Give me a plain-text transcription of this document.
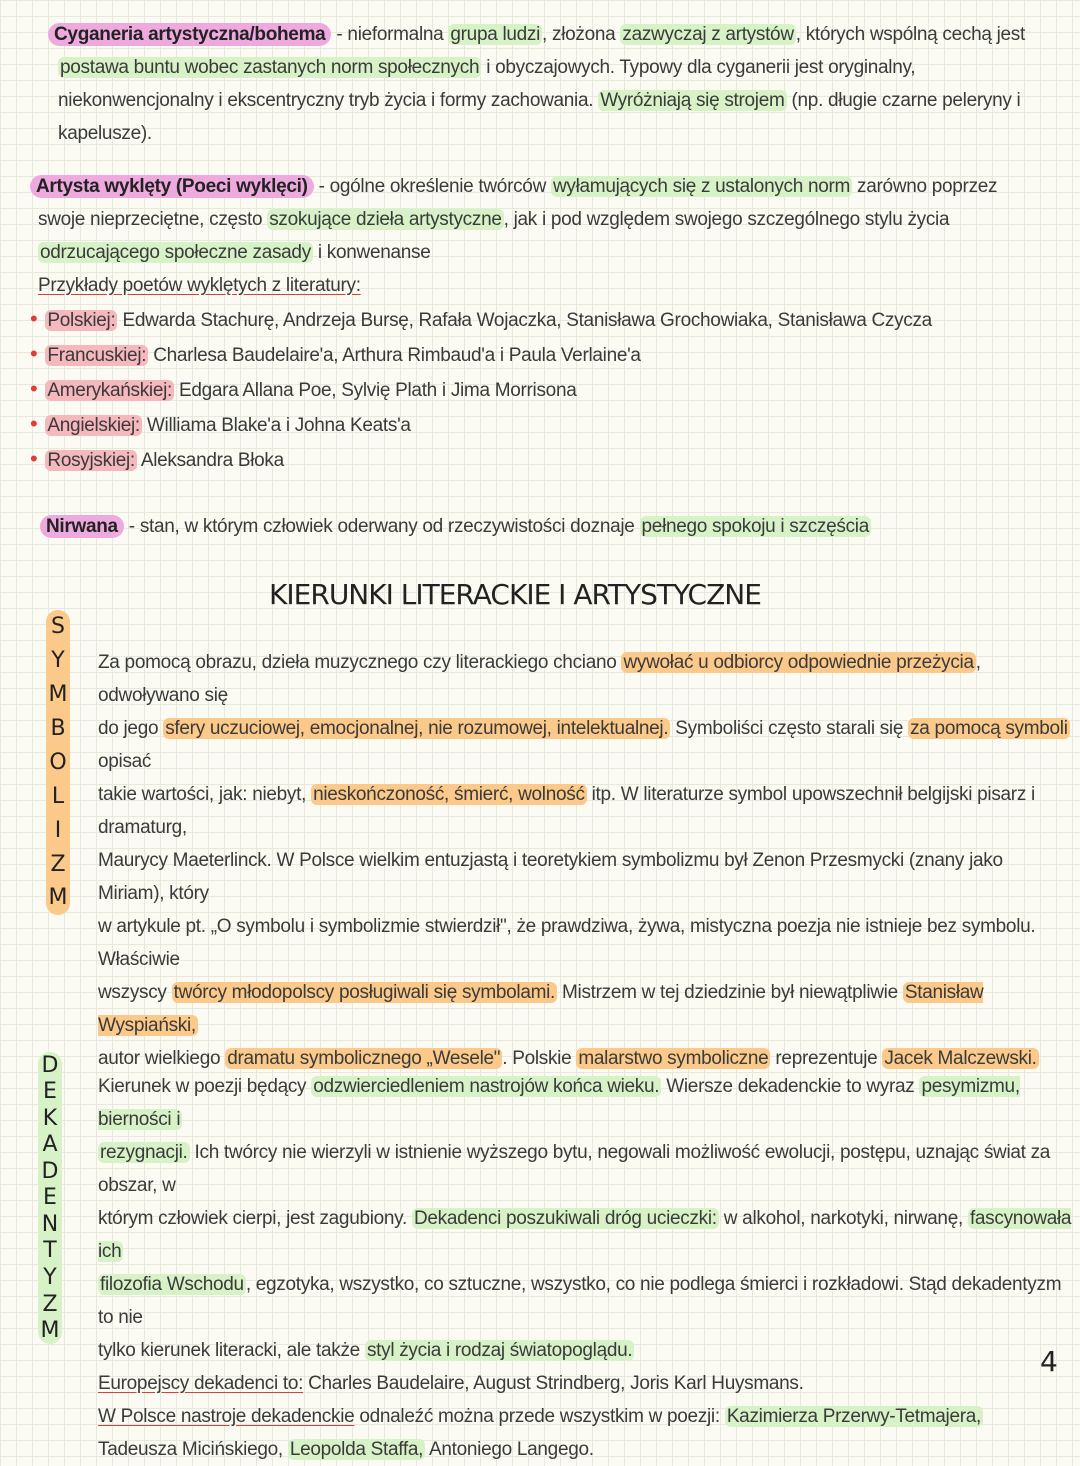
Cyganeria artystyczna/bohema - nieformalna grupa ludzi , złożona zazwyczaj z artystów , których wspólną cechą jest
postawa buntu wobec zastanych norm społecznych i obyczajowych. Typowy dla cyganerii jest oryginalny,
niekonwencjonalny i ekscentryczny tryb życia i formy zachowania. Wyróżniają się strojem (np. długie czarne peleryny i
kapelusze).
Artysta wyklęty (Poeci wyklęci) - ogólne określenie twórców wyłamujących się z ustalonych norm zarówno poprzez
swoje nieprzeciętne, często szokujące dzieła artystyczne , jak i pod względem swojego szczególnego stylu życia
odrzucającego społeczne zasady i konwenanse
Przykłady poetów wyklętych z literatury:
• Polskiej: Edwarda Stachurę, Andrzeja Bursę, Rafała Wojaczka, Stanisława Grochowiaka, Stanisława Czycza
• Francuskiej: Charlesa Baudelaire'a, Arthura Rimbaud'a i Paula Verlaine'a
• Amerykańskiej: Edgara Allana Poe, Sylvię Plath i Jima Morrisona
• Angielskiej: Williama Blake'a i Johna Keats'a
• Rosyjskiej: Aleksandra Błoka
Nirwana - stan, w którym człowiek oderwany od rzeczywistości doznaje pełnego spokoju i szczęścia
KIERUNKI LITERACKIE I ARTYSTYCZNE
S
Y
M
B
O
L
I
Z
M
Za pomocą obrazu, dzieła muzycznego czy literackiego chciano wywołać u odbiorcy odpowiednie przeżycia , odwoływano się
do jego sfery uczuciowej, emocjonalnej, nie rozumowej, intelektualnej. Symboliści często starali się za pomocą symboli opisać
takie wartości, jak: niebyt, nieskończoność, śmierć, wolność itp. W literaturze symbol upowszechnił belgijski pisarz i dramaturg,
Maurycy Maeterlinck. W Polsce wielkim entuzjastą i teoretykiem symbolizmu był Zenon Przesmycki (znany jako Miriam), który
w artykule pt. „O symbolu i symbolizmie stwierdził", że prawdziwa, żywa, mistyczna poezja nie istnieje bez symbolu. Właściwie
wszyscy twórcy młodopolscy posługiwali się symbolami. Mistrzem w tej dziedzinie był niewątpliwie Stanisław Wyspiański,
autor wielkiego dramatu symbolicznego „Wesele" . Polskie malarstwo symboliczne reprezentuje Jacek Malczewski.
D
E
K
A
D
E
N
T
Y
Z
M
Kierunek w poezji będący odzwierciedleniem nastrojów końca wieku. Wiersze dekadenckie to wyraz pesymizmu, bierności i
rezygnacji. Ich twórcy nie wierzyli w istnienie wyższego bytu, negowali możliwość ewolucji, postępu, uznając świat za obszar, w
którym człowiek cierpi, jest zagubiony. Dekadenci poszukiwali dróg ucieczki: w alkohol, narkotyki, nirwanę, fascynowała ich
filozofia Wschodu , egzotyka, wszystko, co sztuczne, wszystko, co nie podlega śmierci i rozkładowi. Stąd dekadentyzm to nie
tylko kierunek literacki, ale także styl życia i rodzaj światopoglądu.
Europejscy dekadenci to: Charles Baudelaire, August Strindberg, Joris Karl Huysmans.
W Polsce nastroje dekadenckie odnaleźć można przede wszystkim w poezji: Kazimierza Przerwy-Tetmajera,
Tadeusza Micińskiego, Leopolda Staffa, Antoniego Langego.
4
